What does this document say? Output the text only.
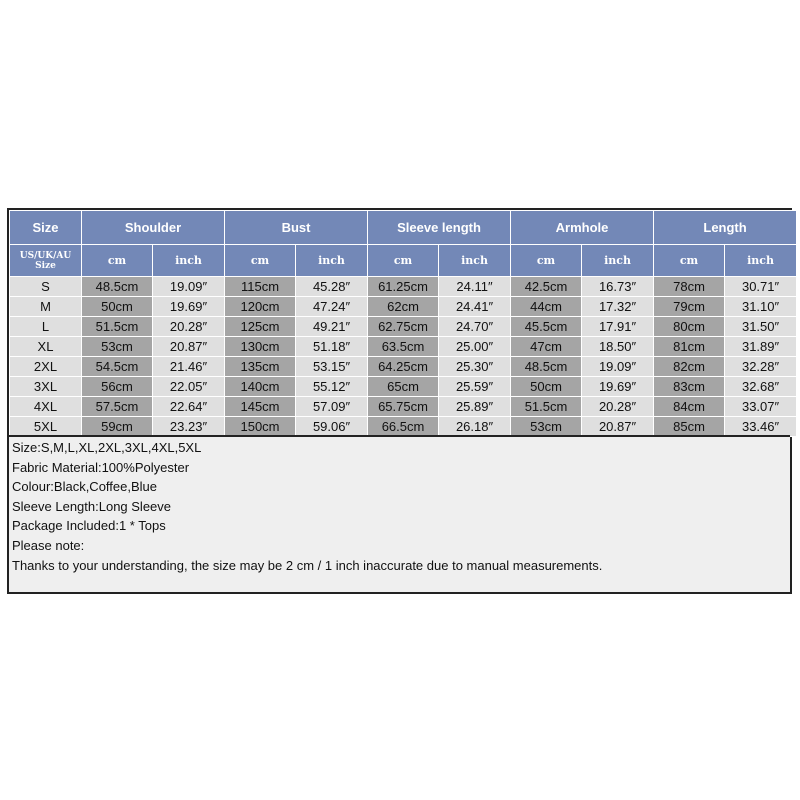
Size	Shoulder		Bust		Sleeve length		Armhole		Length	
US/UK/AU
Size	cm	inch	cm	inch	cm	inch	cm	inch	cm	inch
S	48.5cm	19.09″	115cm	45.28″	61.25cm	24.11″	42.5cm	16.73″	78cm	30.71″
M	50cm	19.69″	120cm	47.24″	62cm	24.41″	44cm	17.32″	79cm	31.10″
L	51.5cm	20.28″	125cm	49.21″	62.75cm	24.70″	45.5cm	17.91″	80cm	31.50″
XL	53cm	20.87″	130cm	51.18″	63.5cm	25.00″	47cm	18.50″	81cm	31.89″
2XL	54.5cm	21.46″	135cm	53.15″	64.25cm	25.30″	48.5cm	19.09″	82cm	32.28″
3XL	56cm	22.05″	140cm	55.12″	65cm	25.59″	50cm	19.69″	83cm	32.68″
4XL	57.5cm	22.64″	145cm	57.09″	65.75cm	25.89″	51.5cm	20.28″	84cm	33.07″
5XL	59cm	23.23″	150cm	59.06″	66.5cm	26.18″	53cm	20.87″	85cm	33.46″
Size:S,M,L,XL,2XL,3XL,4XL,5XL
Fabric Material:100%Polyester
Colour:Black,Coffee,Blue
Sleeve Length:Long Sleeve
Package Included:1 * Tops
Please note:
Thanks to your understanding, the size may be 2 cm / 1 inch inaccurate due to manual measurements.
